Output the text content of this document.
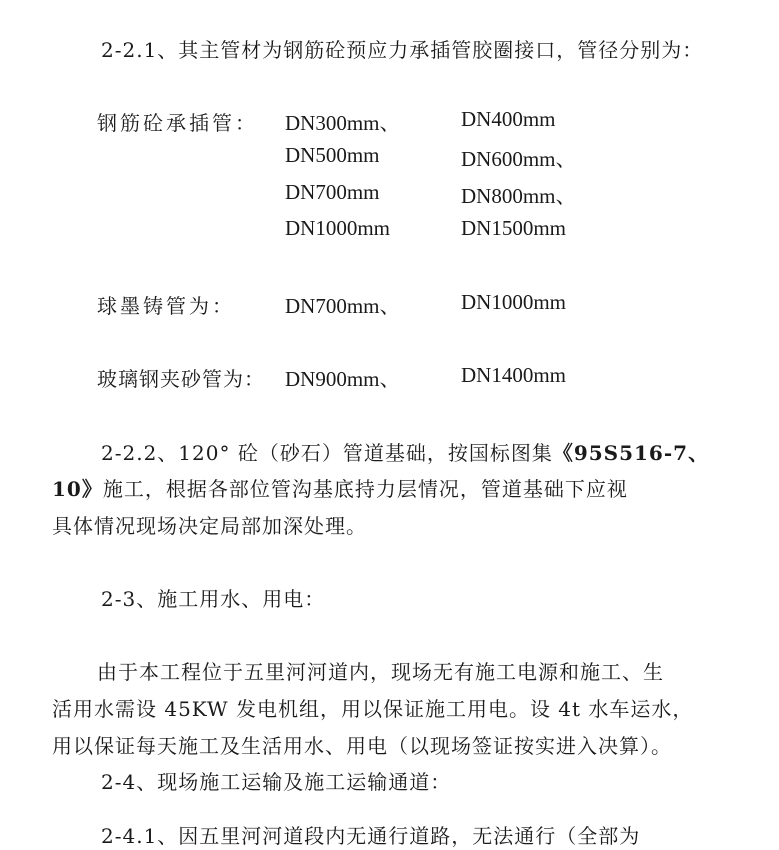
2-2.1、其主管材为钢筋砼预应力承插管胶圈接口，管径分别为：
钢筋砼承插管： DN300mm、	DN400mm
DN500mm	DN600mm、
DN700mm	DN800mm、
DN1000mm	DN1500mm
球墨铸管为： DN700mm、	DN1000mm
玻璃钢夹砂管为： DN900mm、	DN1400mm
2-2.2、120° 砼（砂石）管道基础，按国标图集《95S516-7、
10》施工，根据各部位管沟基底持力层情况，管道基础下应视
具体情况现场决定局部加深处理。
2-3、施工用水、用电：
由于本工程位于五里河河道内，现场无有施工电源和施工、生
活用水需设 45KW 发电机组，用以保证施工用电。设 4t 水车运水，
用以保证每天施工及生活用水、用电（以现场签证按实进入决算）。
2-4、现场施工运输及施工运输通道：
2-4.1、因五里河河道段内无通行道路，无法通行（全部为
